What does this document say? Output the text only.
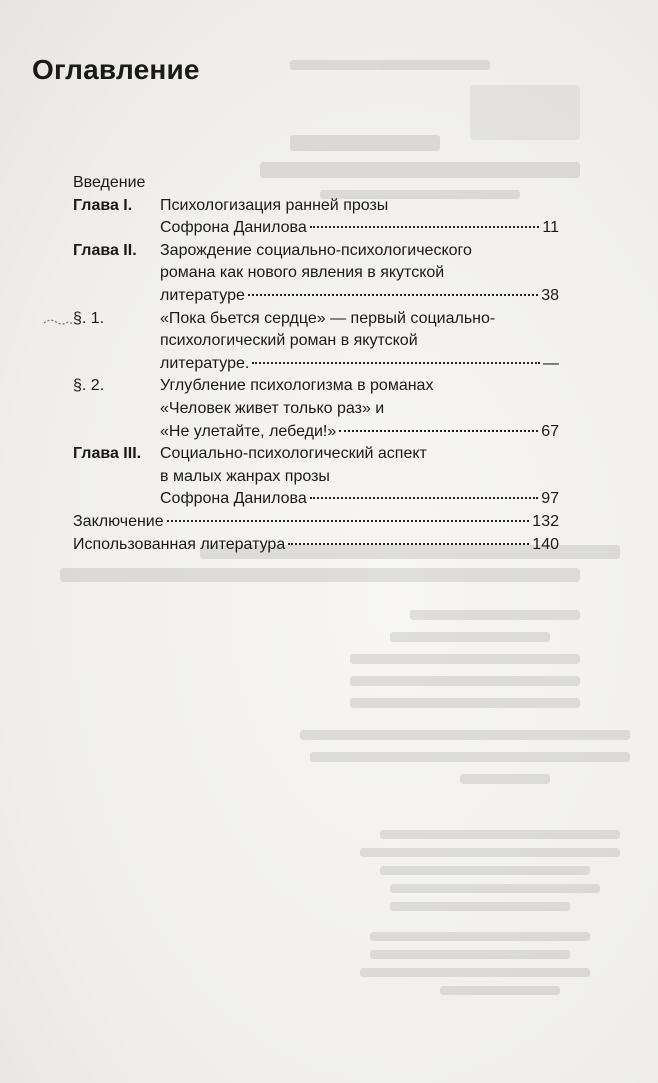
Оглавление
Введение
Глава I. Психологизация ранней прозы
Софрона Данилова	11
Глава II. Зарождение социально-психологического
романа как нового явления в якутской
литературе	38
§. 1.	«Пока бьется сердце» — первый социально-
психологический роман в якутской
литературе.	—
§. 2.	Углубление психологизма в романах
«Человек живет только раз» и
«Не улетайте, лебеди!»	67
Глава III. Социально-психологический аспект
в малых жанрах прозы
Софрона Данилова	97
Заключение	132
Использованная литература	140
